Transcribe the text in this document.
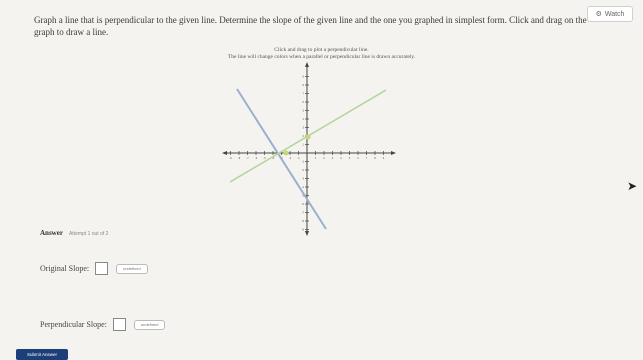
⚙ Watch
Graph a line that is perpendicular to the given line. Determine the slope of the given line and the one you graphed in simplest form. Click and drag on the graph to draw a line.
Click and drag to plot a perpendicular line.
The line will change colors when a parallel or perpendicular line is drawn accurately.
-9 -8 -7 -6 -5 -4	-2 -1	1	2	3	4	5	6	7	8	9
9
8
7
6
5
4
3
2
1
-1
-2
-3
-4
-5
-6
-7
-8
-9
Answer Attempt 1 out of 2
Original Slope:	undefined
Perpendicular Slope:	undefined
Submit Answer
➤
